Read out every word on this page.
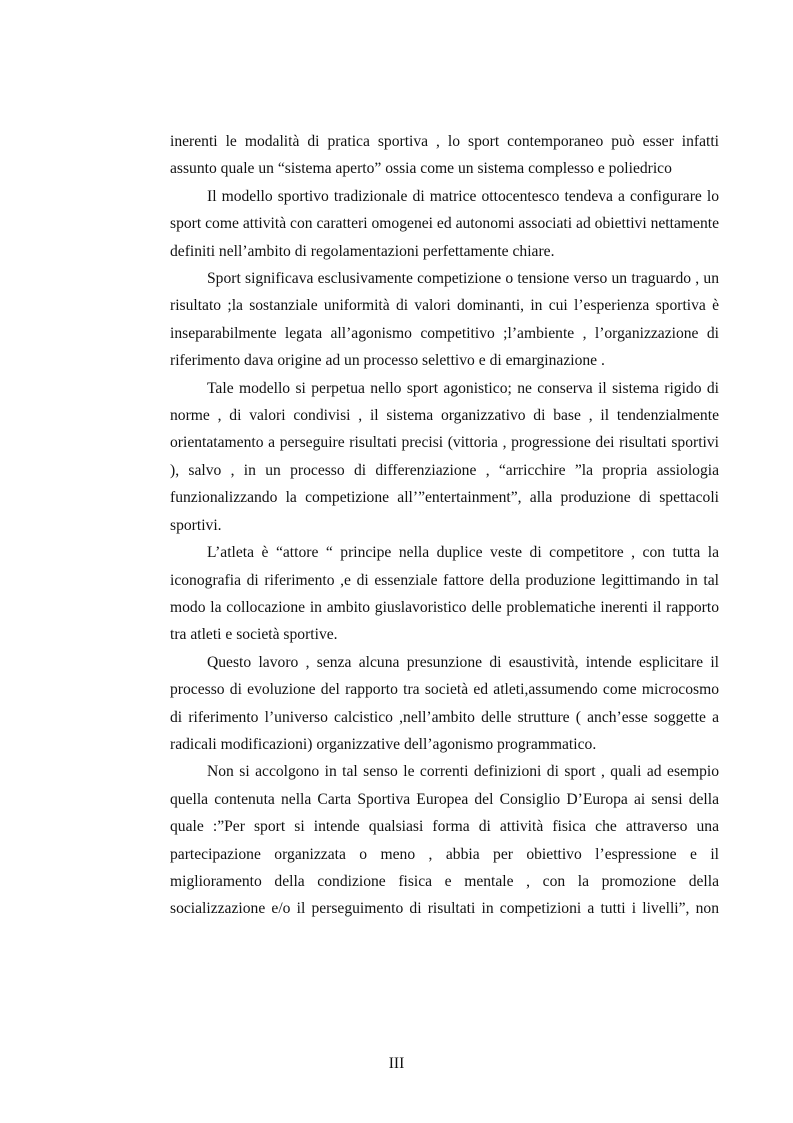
inerenti le modalità di pratica sportiva , lo sport contemporaneo può esser infatti assunto quale un “sistema aperto” ossia come un sistema complesso e poliedrico

Il modello sportivo tradizionale di matrice ottocentesco tendeva a configurare lo sport come attività con caratteri omogenei ed autonomi associati ad obiettivi nettamente definiti nell’ambito di regolamentazioni perfettamente chiare.

Sport significava esclusivamente competizione o tensione verso un traguardo , un risultato ;la sostanziale uniformità di valori dominanti, in cui l’esperienza sportiva è inseparabilmente legata all’agonismo competitivo ;l’ambiente , l’organizzazione di riferimento dava origine ad un processo selettivo e di emarginazione .

Tale modello si perpetua nello sport agonistico; ne conserva il sistema rigido di norme , di valori condivisi , il sistema organizzativo di base , il tendenzialmente orientatamento a perseguire risultati precisi (vittoria , progressione dei risultati sportivi ), salvo , in un processo di differenziazione , “arricchire ”la propria assiologia funzionalizzando la competizione all’”entertainment”, alla produzione di spettacoli sportivi.

L’atleta è “attore “ principe nella duplice veste di competitore , con tutta la iconografia di riferimento ,e di essenziale fattore della produzione legittimando in tal modo la collocazione in ambito giuslavoristico delle problematiche inerenti il rapporto tra atleti e società sportive.

Questo lavoro , senza alcuna presunzione di esaustività, intende esplicitare il processo di evoluzione del rapporto tra società ed atleti,assumendo come microcosmo di riferimento l’universo calcistico ,nell’ambito delle strutture ( anch’esse soggette a radicali modificazioni) organizzative dell’agonismo programmatico.

Non si accolgono in tal senso le correnti definizioni di sport , quali ad esempio quella contenuta nella Carta Sportiva Europea del Consiglio D’Europa ai sensi della quale :”Per sport si intende qualsiasi forma di attività fisica che attraverso una partecipazione organizzata o meno , abbia per obiettivo l’espressione e il miglioramento della condizione fisica e mentale , con la promozione della socializzazione e/o il perseguimento di risultati in competizioni a tutti i livelli”, non

III
